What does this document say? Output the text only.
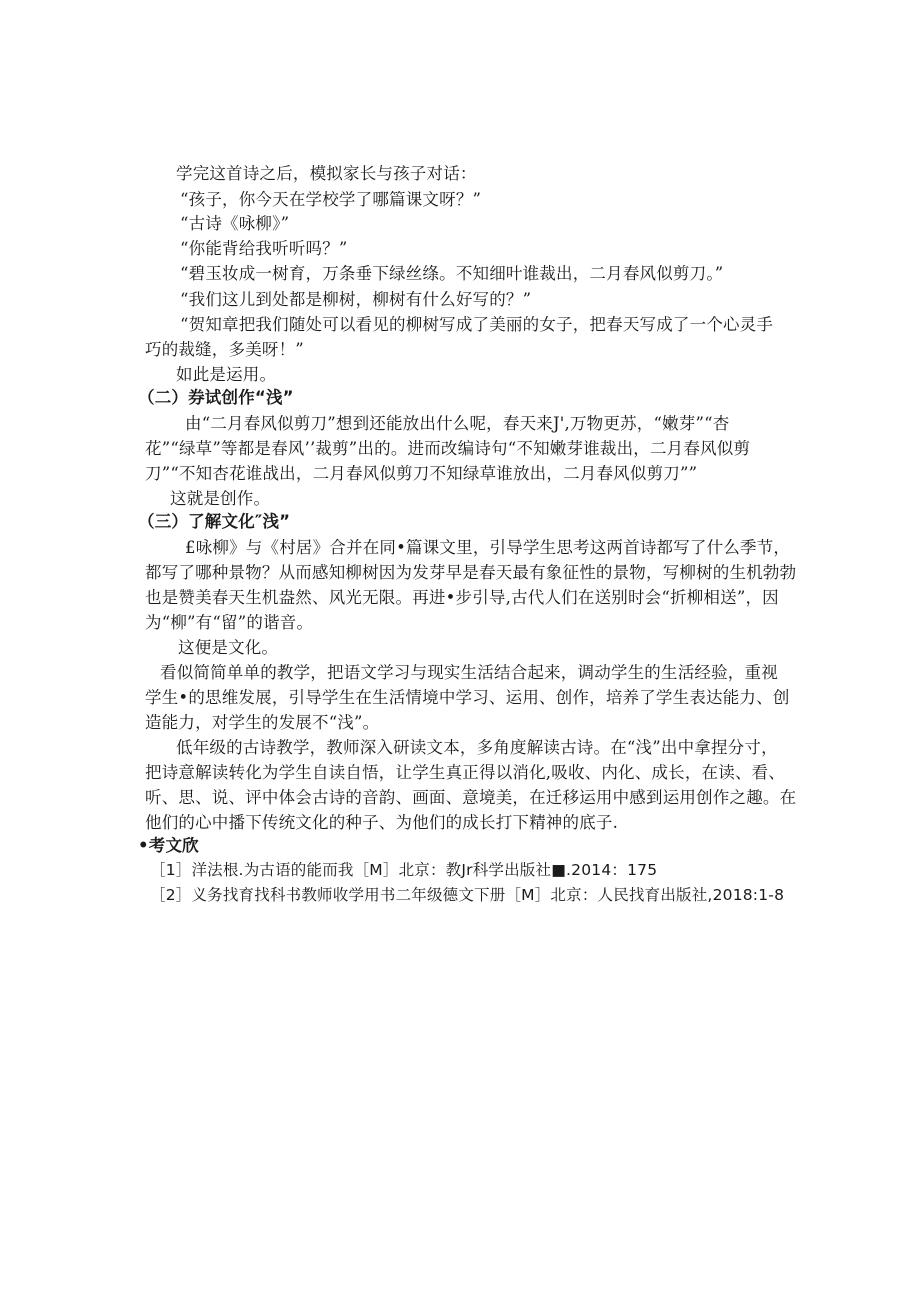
学完这首诗之后，模拟家长与孩子对话：
“孩子，你今天在学校学了哪篇课文呀？”
“古诗《咏柳》”
“你能背给我听听吗？”
“碧玉妆成一树育，万条垂下绿丝绦。不知细叶谁裁出，二月春风似剪刀。”
“我们这儿到处都是柳树，柳树有什么好写的？”
“贺知章把我们随处可以看见的柳树写成了美丽的女子，把春天写成了一个心灵手
巧的裁缝，多美呀！”
如此是运用。
（二）券试创作“浅”
由“二月春风似剪刀”想到还能放出什么呢，春天来J',万物更苏，“嫩芽”“杏
花”“绿草”等都是春风’’裁剪”出的。进而改编诗句“不知嫩芽谁裁出，二月春风似剪
刀”“不知杏花谁战出，二月春风似剪刀不知绿草谁放出，二月春风似剪刀””
这就是创作。
（三）了解文化″浅”
£咏柳》与《村居》合并在同•篇课文里，引导学生思考这两首诗都写了什么季节，
都写了哪种景物？从而感知柳树因为发芽早是春天最有象征性的景物，写柳树的生机勃勃
也是赞美春天生机盎然、风光无限。再进•步引导,古代人们在送别时会“折柳相送”，因
为“柳”有“留”的谐音。
这便是文化。
看似简简单单的教学，把语文学习与现实生活结合起来，调动学生的生活经验，重视
学生•的思维发展，引导学生在生活情境中学习、运用、创作，培养了学生表达能力、创
造能力，对学生的发展不“浅”。
低年级的古诗教学，教师深入研读文本，多角度解读古诗。在“浅”出中拿捏分寸，
把诗意解读转化为学生自读自悟，让学生真正得以消化,吸收、内化、成长，在读、看、
听、思、说、评中体会古诗的音韵、画面、意境美，在迁移运用中感到运用创作之趣。在
他们的心中播下传统文化的种子、为他们的成长打下精神的底子.
•考文欣
［1］洋法根.为古语的能而我［M］北京：教Jr科学出版社■.2014：175
［2］义务找育找科书教师收学用书二年级德文下册［M］北京：人民找育出版社,2018:1-8
